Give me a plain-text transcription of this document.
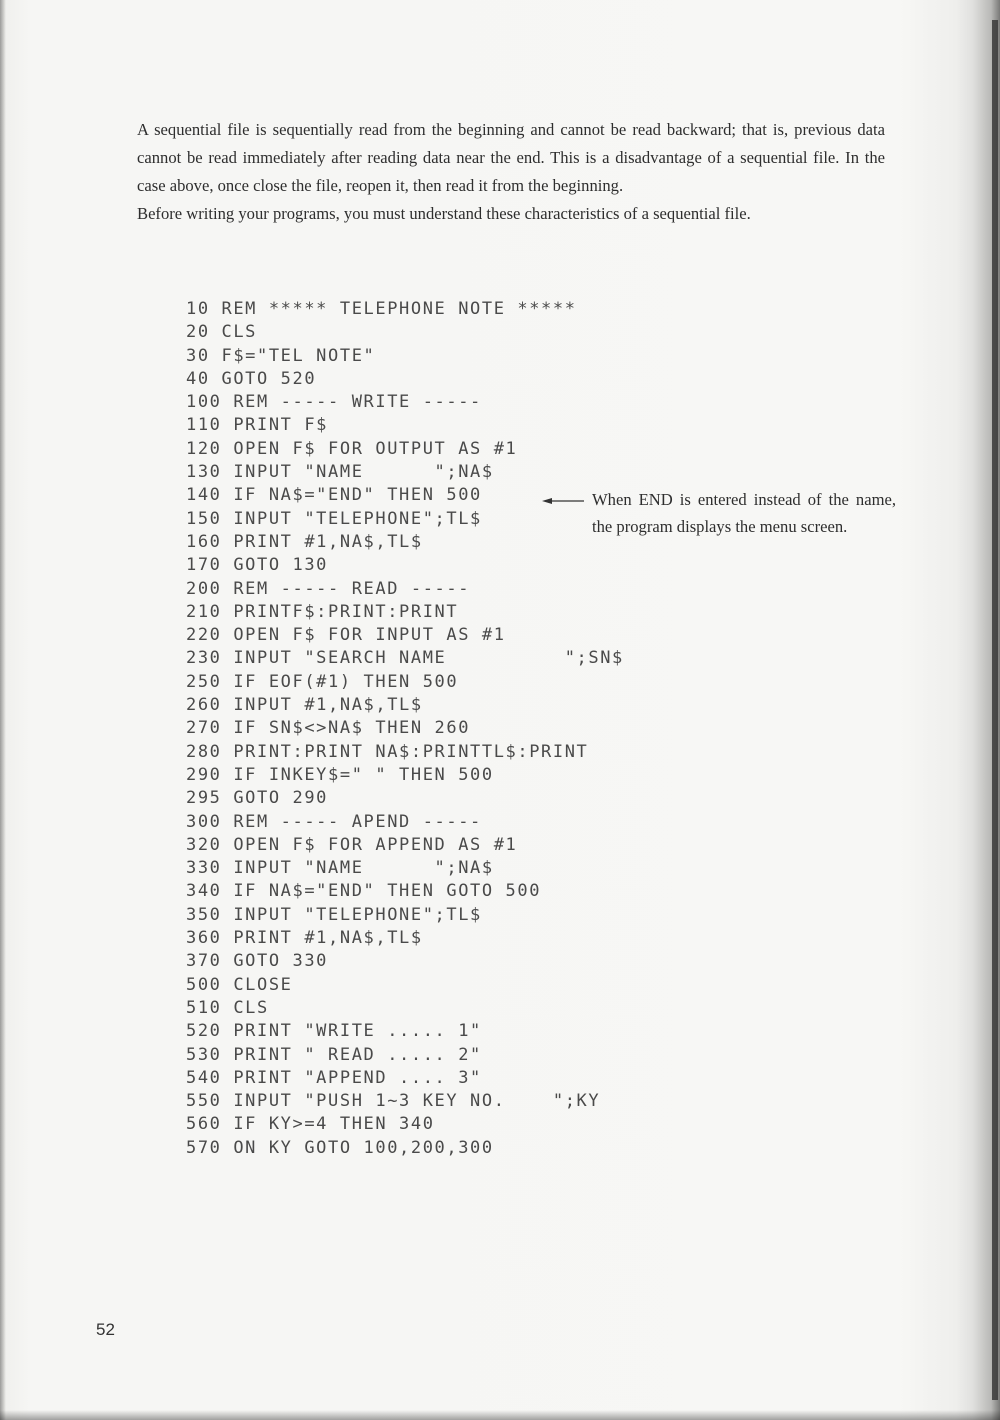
A sequential file is sequentially read from the beginning and cannot be read backward; that is, previous data cannot be read immediately after reading data near the end. This is a disadvantage of a sequential file. In the case above, once close the file, reopen it, then read it from the beginning.

Before writing your programs, you must understand these characteristics of a sequential file.

10 REM ***** TELEPHONE NOTE *****
20 CLS
30 F$="TEL NOTE"
40 GOTO 520
100 REM ----- WRITE -----
110 PRINT F$
120 OPEN F$ FOR OUTPUT AS #1
130 INPUT "NAME      ";NA$
140 IF NA$="END" THEN 500
150 INPUT "TELEPHONE";TL$
160 PRINT #1,NA$,TL$
170 GOTO 130
200 REM ----- READ -----
210 PRINTF$:PRINT:PRINT
220 OPEN F$ FOR INPUT AS #1
230 INPUT "SEARCH NAME          ";SN$
250 IF EOF(#1) THEN 500
260 INPUT #1,NA$,TL$
270 IF SN$<>NA$ THEN 260
280 PRINT:PRINT NA$:PRINTTL$:PRINT
290 IF INKEY$=" " THEN 500
295 GOTO 290
300 REM ----- APEND -----
320 OPEN F$ FOR APPEND AS #1
330 INPUT "NAME      ";NA$
340 IF NA$="END" THEN GOTO 500
350 INPUT "TELEPHONE";TL$
360 PRINT #1,NA$,TL$
370 GOTO 330
500 CLOSE
510 CLS
520 PRINT "WRITE ..... 1"
530 PRINT " READ ..... 2"
540 PRINT "APPEND .... 3"
550 INPUT "PUSH 1~3 KEY NO.    ";KY
560 IF KY>=4 THEN 340
570 ON KY GOTO 100,200,300

When END is entered instead of the name, the program displays the menu screen.

52
